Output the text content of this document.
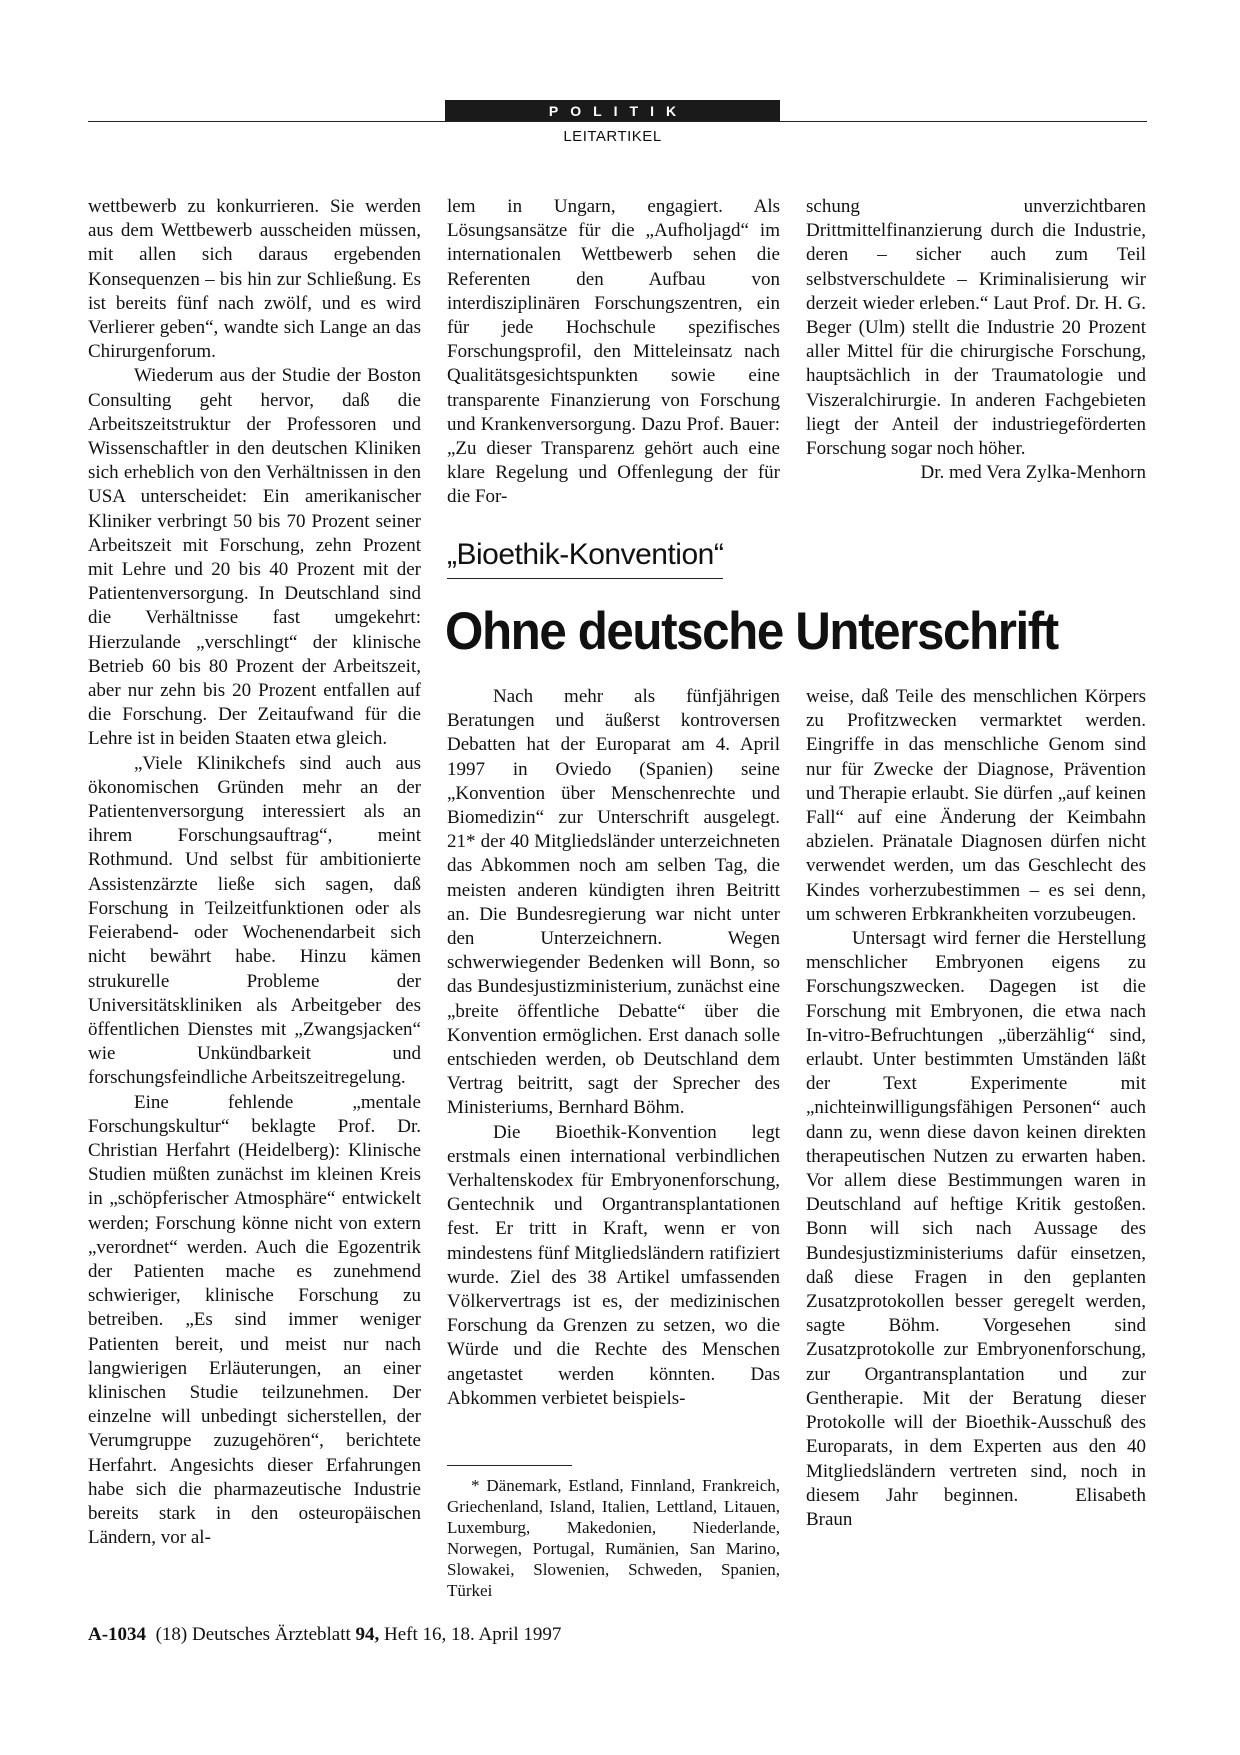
POLITIK
LEITARTIKEL

wettbewerb zu konkurrieren. Sie werden aus dem Wettbewerb ausscheiden müssen, mit allen sich daraus ergebenden Konsequenzen – bis hin zur Schließung. Es ist bereits fünf nach zwölf, und es wird Verlierer geben“, wandte sich Lange an das Chirurgenforum.

Wiederum aus der Studie der Boston Consulting geht hervor, daß die Arbeitszeitstruktur der Professoren und Wissenschaftler in den deutschen Kliniken sich erheblich von den Verhältnissen in den USA unterscheidet: Ein amerikanischer Kliniker verbringt 50 bis 70 Prozent seiner Arbeitszeit mit Forschung, zehn Prozent mit Lehre und 20 bis 40 Prozent mit der Patientenversorgung. In Deutschland sind die Verhältnisse fast umgekehrt: Hierzulande „verschlingt“ der klinische Betrieb 60 bis 80 Prozent der Arbeitszeit, aber nur zehn bis 20 Prozent entfallen auf die Forschung. Der Zeitaufwand für die Lehre ist in beiden Staaten etwa gleich.

„Viele Klinikchefs sind auch aus ökonomischen Gründen mehr an der Patientenversorgung interessiert als an ihrem Forschungsauftrag“, meint Rothmund. Und selbst für ambitionierte Assistenzärzte ließe sich sagen, daß Forschung in Teilzeitfunktionen oder als Feierabend- oder Wochenendarbeit sich nicht bewährt habe. Hinzu kämen strukurelle Probleme der Universitätskliniken als Arbeitgeber des öffentlichen Dienstes mit „Zwangsjacken“ wie Unkündbarkeit und forschungsfeindliche Arbeitszeitregelung.

Eine fehlende „mentale Forschungskultur“ beklagte Prof. Dr. Christian Herfahrt (Heidelberg): Klinische Studien müßten zunächst im kleinen Kreis in „schöpferischer Atmosphäre“ entwickelt werden; Forschung könne nicht von extern „verordnet“ werden. Auch die Egozentrik der Patienten mache es zunehmend schwieriger, klinische Forschung zu betreiben. „Es sind immer weniger Patienten bereit, und meist nur nach langwierigen Erläuterungen, an einer klinischen Studie teilzunehmen. Der einzelne will unbedingt sicherstellen, der Verumgruppe zuzugehören“, berichtete Herfahrt. Angesichts dieser Erfahrungen habe sich die pharmazeutische Industrie bereits stark in den osteuropäischen Ländern, vor al-

lem in Ungarn, engagiert. Als Lösungsansätze für die „Aufholjagd“ im internationalen Wettbewerb sehen die Referenten den Aufbau von interdisziplinären Forschungszentren, ein für jede Hochschule spezifisches Forschungsprofil, den Mitteleinsatz nach Qualitätsgesichtspunkten sowie eine transparente Finanzierung von Forschung und Krankenversorgung. Dazu Prof. Bauer: „Zu dieser Transparenz gehört auch eine klare Regelung und Offenlegung der für die For-

schung unverzichtbaren Drittmittelfinanzierung durch die Industrie, deren – sicher auch zum Teil selbstverschuldete – Kriminalisierung wir derzeit wieder erleben.“ Laut Prof. Dr. H. G. Beger (Ulm) stellt die Industrie 20 Prozent aller Mittel für die chirurgische Forschung, hauptsächlich in der Traumatologie und Viszeralchirurgie. In anderen Fachgebieten liegt der Anteil der industriegeförderten Forschung sogar noch höher.

Dr. med Vera Zylka-Menhorn

„Bioethik-Konvention“
Ohne deutsche Unterschrift

Nach mehr als fünfjährigen Beratungen und äußerst kontroversen Debatten hat der Europarat am 4. April 1997 in Oviedo (Spanien) seine „Konvention über Menschenrechte und Biomedizin“ zur Unterschrift ausgelegt. 21* der 40 Mitgliedsländer unterzeichneten das Abkommen noch am selben Tag, die meisten anderen kündigten ihren Beitritt an. Die Bundesregierung war nicht unter den Unterzeichnern. Wegen schwerwiegender Bedenken will Bonn, so das Bundesjustizministerium, zunächst eine „breite öffentliche Debatte“ über die Konvention ermöglichen. Erst danach solle entschieden werden, ob Deutschland dem Vertrag beitritt, sagt der Sprecher des Ministeriums, Bernhard Böhm.

Die Bioethik-Konvention legt erstmals einen international verbindlichen Verhaltenskodex für Embryonenforschung, Gentechnik und Organtransplantationen fest. Er tritt in Kraft, wenn er von mindestens fünf Mitgliedsländern ratifiziert wurde. Ziel des 38 Artikel umfassenden Völkervertrags ist es, der medizinischen Forschung da Grenzen zu setzen, wo die Würde und die Rechte des Menschen angetastet werden könnten. Das Abkommen verbietet beispiels-

weise, daß Teile des menschlichen Körpers zu Profitzwecken vermarktet werden. Eingriffe in das menschliche Genom sind nur für Zwecke der Diagnose, Prävention und Therapie erlaubt. Sie dürfen „auf keinen Fall“ auf eine Änderung der Keimbahn abzielen. Pränatale Diagnosen dürfen nicht verwendet werden, um das Geschlecht des Kindes vorherzubestimmen – es sei denn, um schweren Erbkrankheiten vorzubeugen.

Untersagt wird ferner die Herstellung menschlicher Embryonen eigens zu Forschungszwecken. Dagegen ist die Forschung mit Embryonen, die etwa nach In-vitro-Befruchtungen „überzählig“ sind, erlaubt. Unter bestimmten Umständen läßt der Text Experimente mit „nichteinwilligungsfähigen Personen“ auch dann zu, wenn diese davon keinen direkten therapeutischen Nutzen zu erwarten haben. Vor allem diese Bestimmungen waren in Deutschland auf heftige Kritik gestoßen. Bonn will sich nach Aussage des Bundesjustizministeriums dafür einsetzen, daß diese Fragen in den geplanten Zusatzprotokollen besser geregelt werden, sagte Böhm. Vorgesehen sind Zusatzprotokolle zur Embryonenforschung, zur Organtransplantation und zur Gentherapie. Mit der Beratung dieser Protokolle will der Bioethik-Ausschuß des Europarats, in dem Experten aus den 40 Mitgliedsländern vertreten sind, noch in diesem Jahr beginnen.   Elisabeth Braun

* Dänemark, Estland, Finnland, Frankreich, Griechenland, Island, Italien, Lettland, Litauen, Luxemburg, Makedonien, Niederlande, Norwegen, Portugal, Rumänien, San Marino, Slowakei, Slowenien, Schweden, Spanien, Türkei

A-1034 (18) Deutsches Ärzteblatt 94, Heft 16, 18. April 1997
